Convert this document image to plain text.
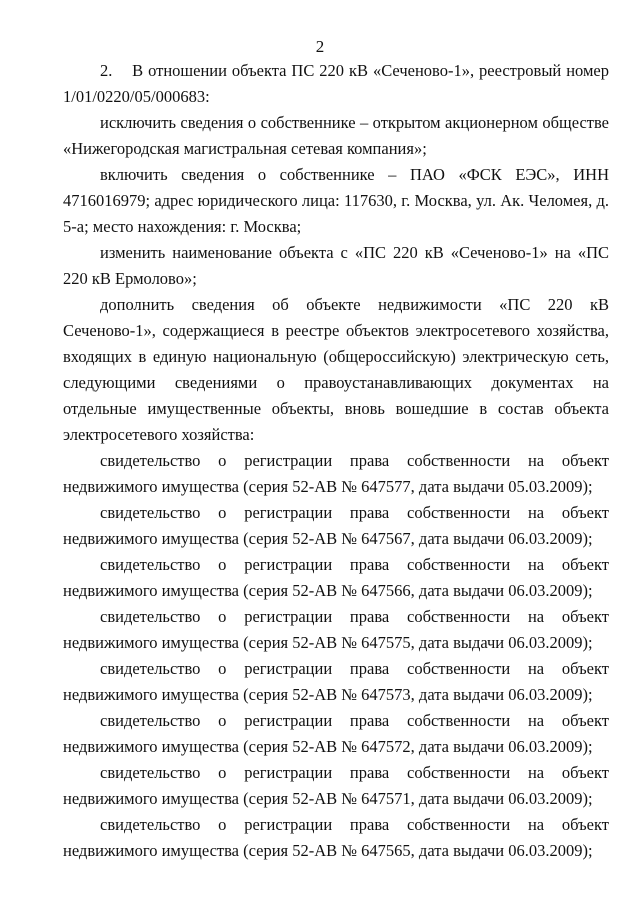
2

2.    В отношении объекта ПС 220 кВ «Сеченово-1», реестровый номер 1/01/0220/05/000683:

исключить сведения о собственнике – открытом акционерном обществе «Нижегородская магистральная сетевая компания»;

включить сведения о собственнике – ПАО «ФСК ЕЭС», ИНН 4716016979; адрес юридического лица: 117630, г. Москва, ул. Ак. Челомея, д. 5-а; место нахождения: г. Москва;

изменить наименование объекта с «ПС 220 кВ «Сеченово-1» на «ПС 220 кВ Ермолово»;

дополнить сведения об объекте недвижимости «ПС 220 кВ Сеченово-1», содержащиеся в реестре объектов электросетевого хозяйства, входящих в единую национальную (общероссийскую) электрическую сеть, следующими сведениями о правоустанавливающих документах на отдельные имущественные объекты, вновь вошедшие в состав объекта электросетевого хозяйства:

свидетельство о регистрации права собственности на объект недвижимого имущества (серия 52-АВ № 647577, дата выдачи 05.03.2009);

свидетельство о регистрации права собственности на объект недвижимого имущества (серия 52-АВ № 647567, дата выдачи 06.03.2009);

свидетельство о регистрации права собственности на объект недвижимого имущества (серия 52-АВ № 647566, дата выдачи 06.03.2009);

свидетельство о регистрации права собственности на объект недвижимого имущества (серия 52-АВ № 647575, дата выдачи 06.03.2009);

свидетельство о регистрации права собственности на объект недвижимого имущества (серия 52-АВ № 647573, дата выдачи 06.03.2009);

свидетельство о регистрации права собственности на объект недвижимого имущества (серия 52-АВ № 647572, дата выдачи 06.03.2009);

свидетельство о регистрации права собственности на объект недвижимого имущества (серия 52-АВ № 647571, дата выдачи 06.03.2009);

свидетельство о регистрации права собственности на объект недвижимого имущества (серия 52-АВ № 647565, дата выдачи 06.03.2009);
